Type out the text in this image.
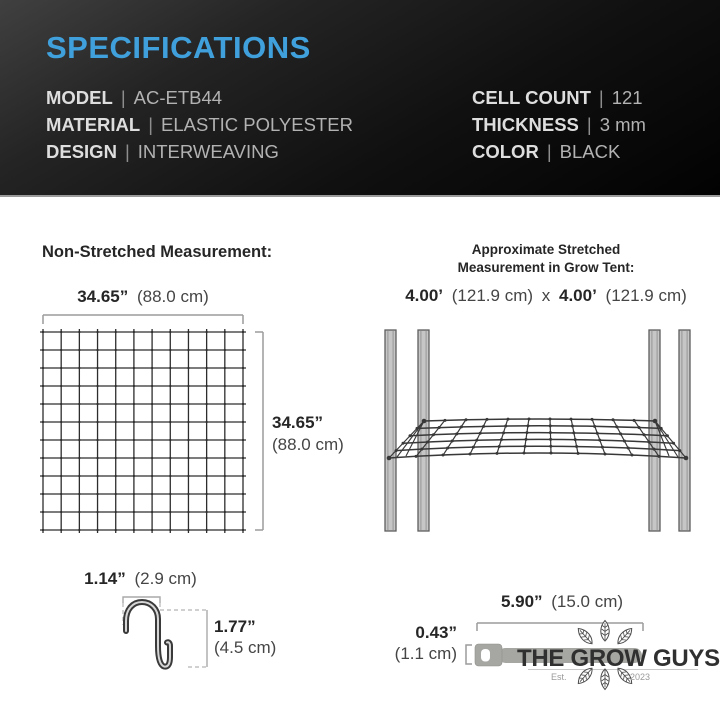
SPECIFICATIONS
MODEL | AC-ETB44
MATERIAL | ELASTIC POLYESTER
DESIGN | INTERWEAVING
CELL COUNT | 121
THICKNESS | 3 mm
COLOR | BLACK
Non-Stretched Measurement:
34.65” (88.0 cm)
34.65”
(88.0 cm)
Approximate Stretched
Measurement in Grow Tent:
4.00’ (121.9 cm) x 4.00’ (121.9 cm)
1.14” (2.9 cm)
1.77”
(4.5 cm)
5.90” (15.0 cm)
0.43”
(1.1 cm)	THE GROW GUYS
Est.	2023
